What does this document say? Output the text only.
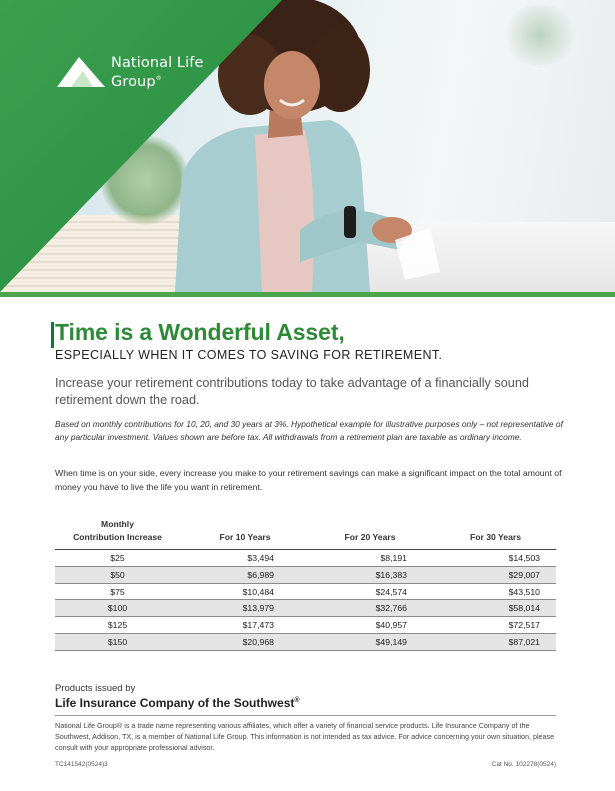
National Life
Group®
Time is a Wonderful Asset,

ESPECIALLY WHEN IT COMES TO SAVING FOR RETIREMENT.

Increase your retirement contributions today to take advantage of a financially sound retirement down the road.

Based on monthly contributions for 10, 20, and 30 years at 3%. Hypothetical example for illustrative purposes only – not representative of any particular investment. Values shown are before tax. All withdrawals from a retirement plan are taxable as ordinary income.

When time is on your side, every increase you make to your retirement savings can make a significant impact on the total amount of money you have to live the life you want in retirement.

Monthly
Contribution Increase	For 10 Years	For 20 Years	For 30 Years
$25	$3,494	$8,191	$14,503
$50	$6,989	$16,383	$29,007
$75	$10,484	$24,574	$43,510
$100	$13,979	$32,766	$58,014
$125	$17,473	$40,957	$72,517
$150	$20,968	$49,149	$87,021

Products issued by

Life Insurance Company of the Southwest®

National Life Group® is a trade name representing various affiliates, which offer a variety of financial service products. Life Insurance Company of the Southwest, Addison, TX, is a member of National Life Group. This information is not intended as tax advice. For advice concerning your own situation, please consult with your appropriate professional advisor.

TC141542(0524)3	Cat No. 102278(0524)
